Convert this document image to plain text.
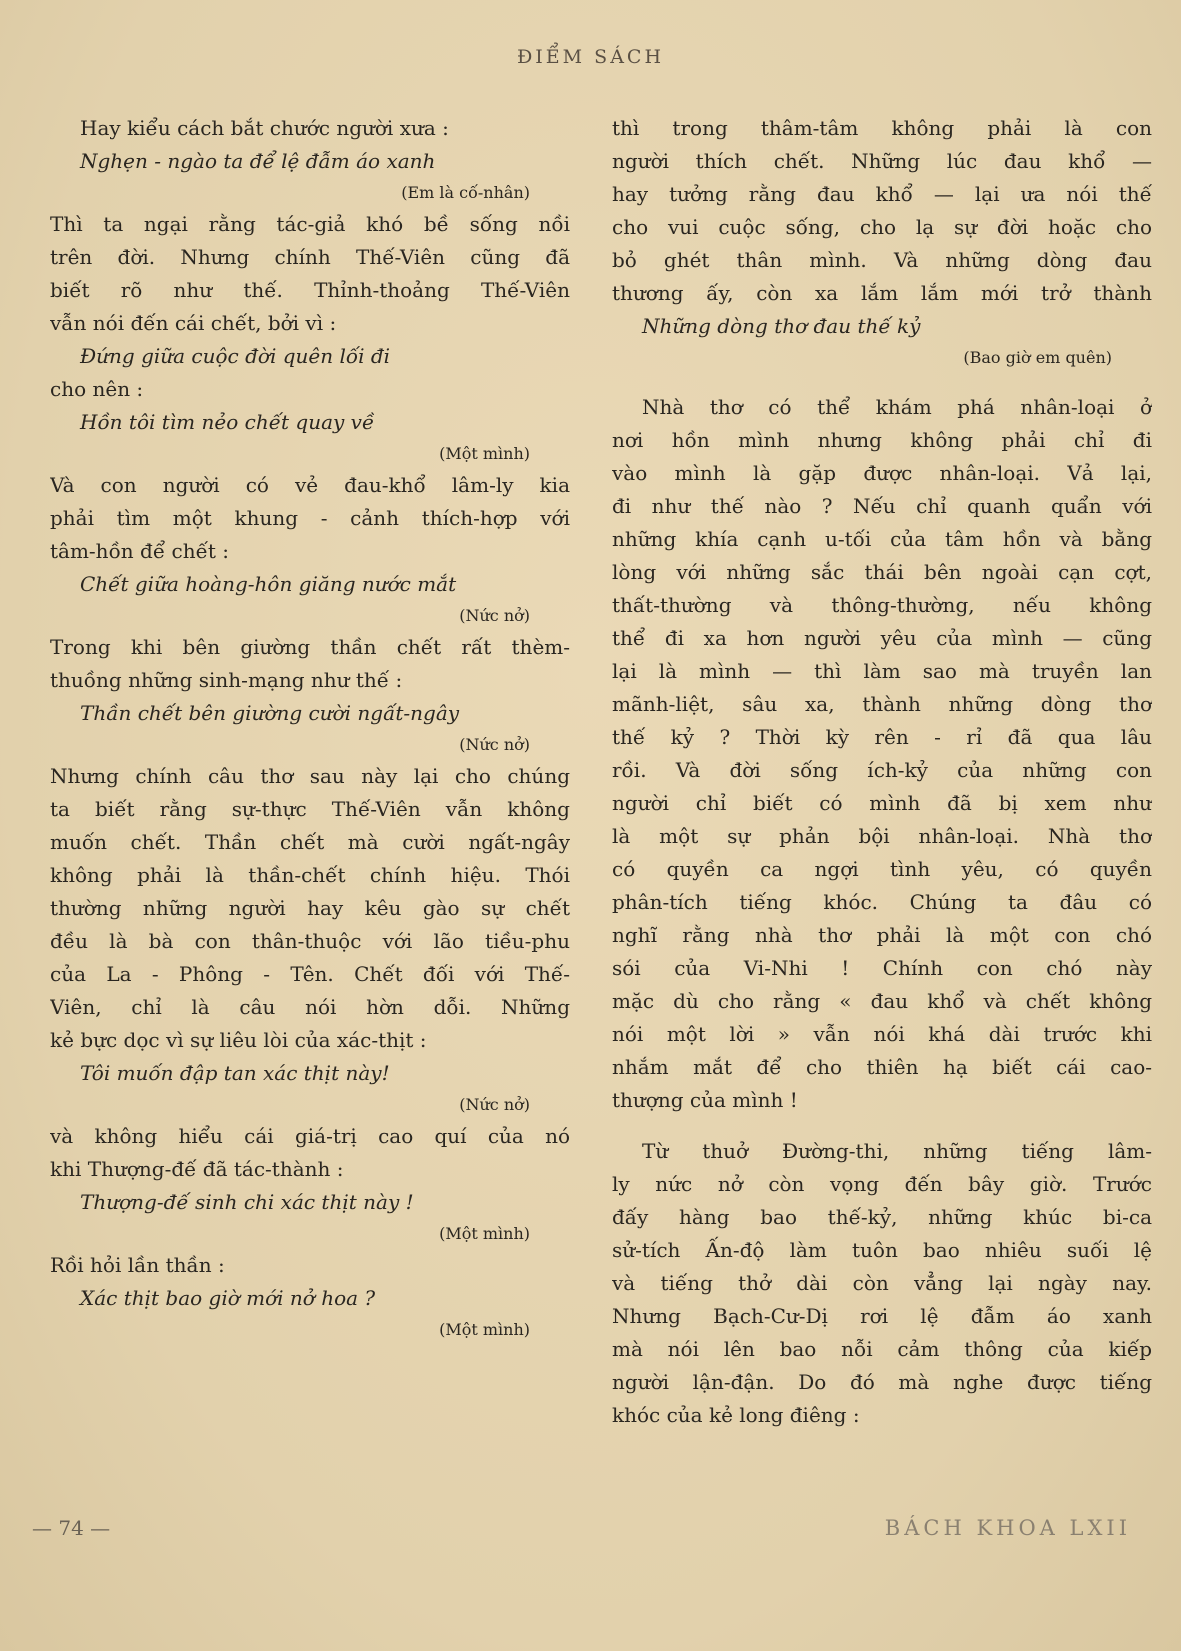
ĐIỂM SÁCH
Hay kiểu cách bắt chước người xưa :
Nghẹn - ngào ta để lệ đẫm áo xanh
(Em là cố-nhân)
Thì ta ngại rằng tác-giả khó bề sống nồi
trên đời. Nhưng chính Thế-Viên cũng đã
biết rõ như thế. Thỉnh-thoảng Thế-Viên
vẫn nói đến cái chết, bởi vì :
Đứng giữa cuộc đời quên lối đi
cho nên :
Hồn tôi tìm nẻo chết quay về
(Một mình)
Và con người có vẻ đau-khổ lâm-ly kia
phải tìm một khung - cảnh thích-hợp với
tâm-hồn để chết :
Chết giữa hoàng-hôn giăng nước mắt
(Nức nở)
Trong khi bên giường thần chết rất thèm-
thuồng những sinh-mạng như thế :
Thần chết bên giường cười ngất-ngây
(Nức nở)
Nhưng chính câu thơ sau này lại cho chúng
ta biết rằng sự-thực Thế-Viên vẫn không
muốn chết. Thần chết mà cười ngất-ngây
không phải là thần-chết chính hiệu. Thói
thường những người hay kêu gào sự chết
đều là bà con thân-thuộc với lão tiều-phu
của La - Phông - Tên. Chết đối với Thế-
Viên, chỉ là câu nói hờn dỗi. Những
kẻ bực dọc vì sự liêu lòi của xác-thịt :
Tôi muốn đập tan xác thịt này!
(Nức nở)
và không hiểu cái giá-trị cao quí của nó
khi Thượng-đế đã tác-thành :
Thượng-đế sinh chi xác thịt này !
(Một mình)
Rồi hỏi lần thần :
Xác thịt bao giờ mới nở hoa ?
(Một mình)
thì trong thâm-tâm không phải là con
người thích chết. Những lúc đau khổ —
hay tưởng rằng đau khổ — lại ưa nói thế
cho vui cuộc sống, cho lạ sự đời hoặc cho
bỏ ghét thân mình. Và những dòng đau
thương ấy, còn xa lắm lắm mới trở thành
Những dòng thơ đau thế kỷ
(Bao giờ em quên)
Nhà thơ có thể khám phá nhân-loại ở
nơi hồn mình nhưng không phải chỉ đi
vào mình là gặp được nhân-loại. Vả lại,
đi như thế nào ? Nếu chỉ quanh quẩn với
những khía cạnh u-tối của tâm hồn và bằng
lòng với những sắc thái bên ngoài cạn cợt,
thất-thường và thông-thường, nếu không
thể đi xa hơn người yêu của mình — cũng
lại là mình — thì làm sao mà truyền lan
mãnh-liệt, sâu xa, thành những dòng thơ
thế kỷ ? Thời kỳ rên - rỉ đã qua lâu
rồi. Và đời sống ích-kỷ của những con
người chỉ biết có mình đã bị xem như
là một sự phản bội nhân-loại. Nhà thơ
có quyền ca ngợi tình yêu, có quyền
phân-tích tiếng khóc. Chúng ta đâu có
nghĩ rằng nhà thơ phải là một con chó
sói của Vi-Nhi ! Chính con chó này
mặc dù cho rằng « đau khổ và chết không
nói một lời » vẫn nói khá dài trước khi
nhắm mắt để cho thiên hạ biết cái cao-
thượng của mình !
Từ thuở Đường-thi, những tiếng lâm-
ly nức nở còn vọng đến bây giờ. Trước
đấy hàng bao thế-kỷ, những khúc bi-ca
sử-tích Ấn-độ làm tuôn bao nhiêu suối lệ
và tiếng thở dài còn vẳng lại ngày nay.
Nhưng Bạch-Cư-Dị rơi lệ đẫm áo xanh
mà nói lên bao nỗi cảm thông của kiếp
người lận-đận. Do đó mà nghe được tiếng
khóc của kẻ long điêng :
— 74 —	BÁCH KHOA LXII
